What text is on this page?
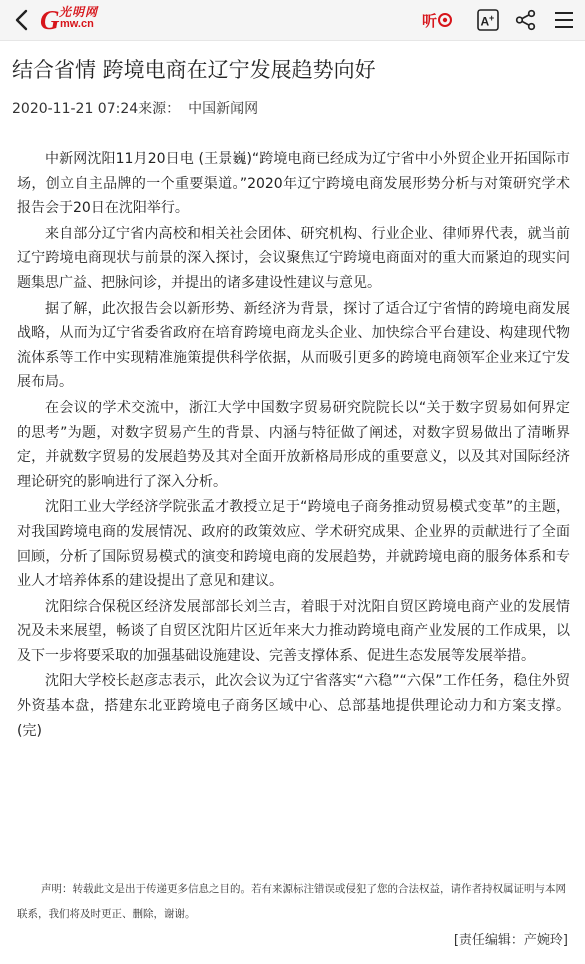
G 光明网
mw.cn	听	A +
结合省情 跨境电商在辽宁发展趋势向好
2020-11-21 07:24来源： 中国新闻网

中新网沈阳11月20日电 (王景巍)“跨境电商已经成为辽宁省中小外贸企业开拓国际市场，创立自主品牌的一个重要渠道。”2020年辽宁跨境电商发展形势分析与对策研究学术报告会于20日在沈阳举行。

来自部分辽宁省内高校和相关社会团体、研究机构、行业企业、律师界代表，就当前辽宁跨境电商现状与前景的深入探讨，会议聚焦辽宁跨境电商面对的重大而紧迫的现实问题集思广益、把脉问诊，并提出的诸多建设性建议与意见。

据了解，此次报告会以新形势、新经济为背景，探讨了适合辽宁省情的跨境电商发展战略，从而为辽宁省委省政府在培育跨境电商龙头企业、加快综合平台建设、构建现代物流体系等工作中实现精准施策提供科学依据，从而吸引更多的跨境电商领军企业来辽宁发展布局。

在会议的学术交流中，浙江大学中国数字贸易研究院院长以“关于数字贸易如何界定的思考”为题，对数字贸易产生的背景、内涵与特征做了阐述，对数字贸易做出了清晰界定，并就数字贸易的发展趋势及其对全面开放新格局形成的重要意义，以及其对国际经济理论研究的影响进行了深入分析。

沈阳工业大学经济学院张孟才教授立足于“跨境电子商务推动贸易模式变革”的主题，对我国跨境电商的发展情况、政府的政策效应、学术研究成果、企业界的贡献进行了全面回顾，分析了国际贸易模式的演变和跨境电商的发展趋势，并就跨境电商的服务体系和专业人才培养体系的建设提出了意见和建议。

沈阳综合保税区经济发展部部长刘兰吉，着眼于对沈阳自贸区跨境电商产业的发展情况及未来展望，畅谈了自贸区沈阳片区近年来大力推动跨境电商产业发展的工作成果，以及下一步将要采取的加强基础设施建设、完善支撑体系、促进生态发展等发展举措。

沈阳大学校长赵彦志表示，此次会议为辽宁省落实“六稳”“六保”工作任务，稳住外贸外资基本盘，搭建东北亚跨境电子商务区域中心、总部基地提供理论动力和方案支撑。(完)

声明：转载此文是出于传递更多信息之目的。若有来源标注错误或侵犯了您的合法权益，请作者持权属证明与本网联系，我们将及时更正、删除，谢谢。

[责任编辑：产婉玲]
